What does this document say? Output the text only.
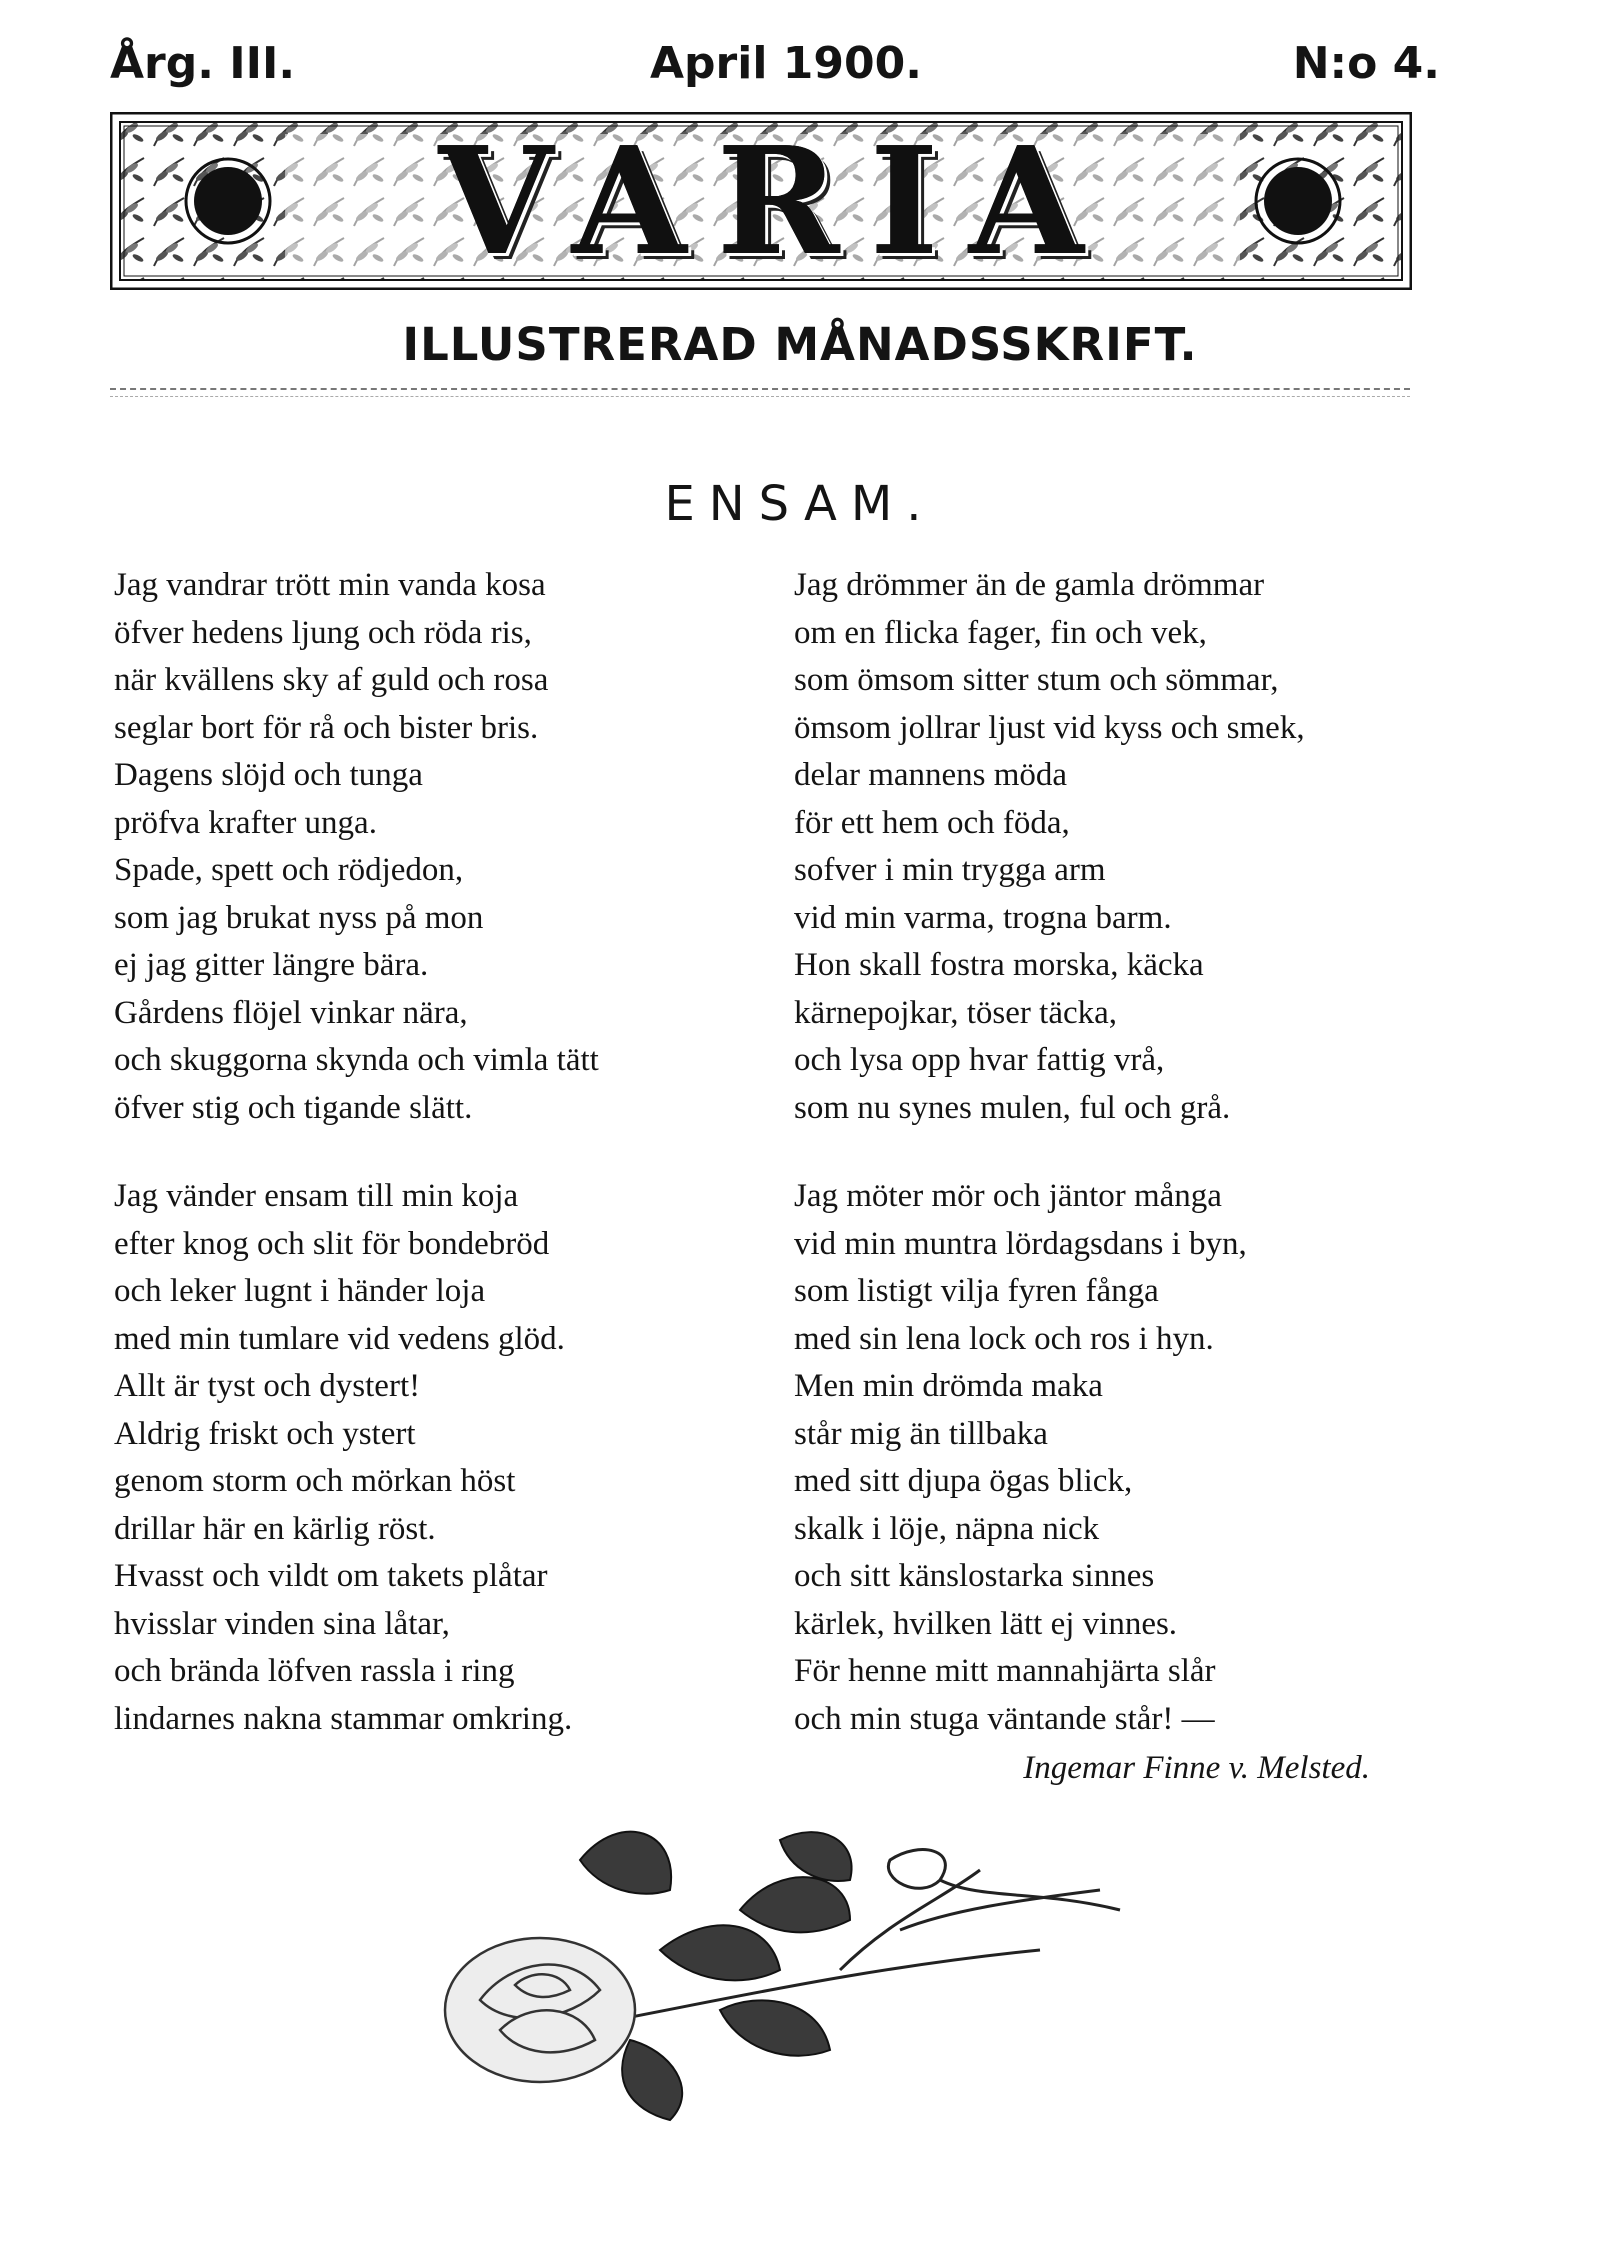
Årg. III.	April 1900.	N:o 4.
VARIA
ILLUSTRERAD MÅNADSSKRIFT.
ENSAM.
Jag vandrar trött min vanda kosa
öfver hedens ljung och röda ris,
när kvällens sky af guld och rosa
seglar bort för rå och bister bris.
Dagens slöjd och tunga
pröfva krafter unga.
Spade, spett och rödjedon,
som jag brukat nyss på mon
ej jag gitter längre bära.
Gårdens flöjel vinkar nära,
och skuggorna skynda och vimla tätt
öfver stig och tigande slätt.
Jag vänder ensam till min koja
efter knog och slit för bondebröd
och leker lugnt i händer loja
med min tumlare vid vedens glöd.
Allt är tyst och dystert!
Aldrig friskt och ystert
genom storm och mörkan höst
drillar här en kärlig röst.
Hvasst och vildt om takets plåtar
hvisslar vinden sina låtar,
och brända löfven rassla i ring
lindarnes nakna stammar omkring.
Jag drömmer än de gamla drömmar
om en flicka fager, fin och vek,
som ömsom sitter stum och sömmar,
ömsom jollrar ljust vid kyss och smek,
delar mannens möda
för ett hem och föda,
sofver i min trygga arm
vid min varma, trogna barm.
Hon skall fostra morska, käcka
kärnepojkar, töser täcka,
och lysa opp hvar fattig vrå,
som nu synes mulen, ful och grå.
Jag möter mör och jäntor många
vid min muntra lördagsdans i byn,
som listigt vilja fyren fånga
med sin lena lock och ros i hyn.
Men min drömda maka
står mig än tillbaka
med sitt djupa ögas blick,
skalk i löje, näpna nick
och sitt känslostarka sinnes
kärlek, hvilken lätt ej vinnes.
För henne mitt mannahjärta slår
och min stuga väntande står! —
Ingemar Finne v. Melsted.
